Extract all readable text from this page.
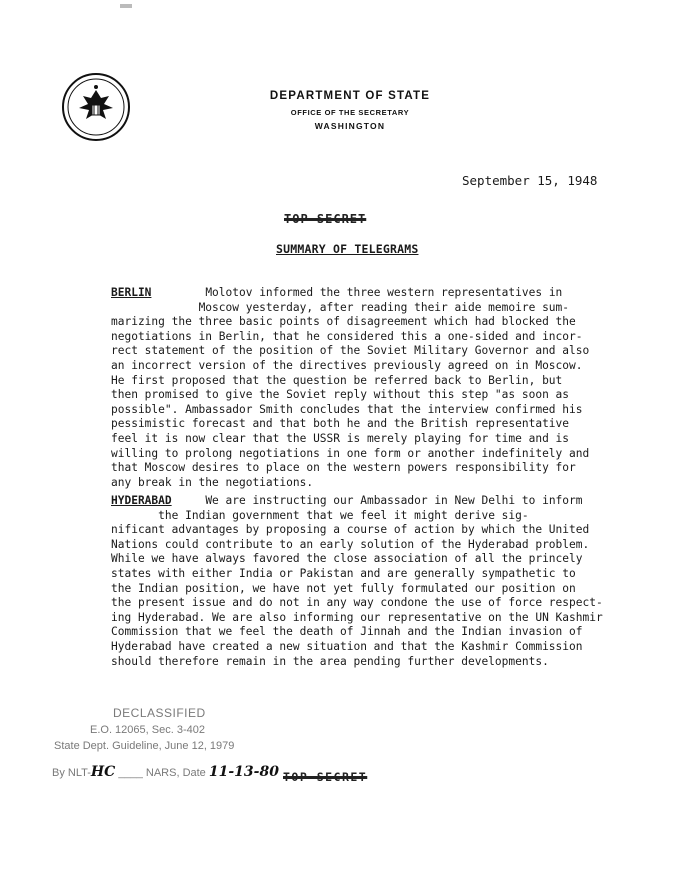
DEPARTMENT OF STATE
OFFICE OF THE SECRETARY
WASHINGTON
September 15, 1948
TOP SECRET
SUMMARY OF TELEGRAMS

BERLIN	Molotov informed the three western representatives in
Moscow yesterday, after reading their aide memoire sum-
marizing the three basic points of disagreement which had blocked the
negotiations in Berlin, that he considered this a one-sided and incor-
rect statement of the position of the Soviet Military Governor and also
an incorrect version of the directives previously agreed on in Moscow.
He first proposed that the question be referred back to Berlin, but
then promised to give the Soviet reply without this step "as soon as
possible". Ambassador Smith concludes that the interview confirmed his
pessimistic forecast and that both he and the British representative
feel it is now clear that the USSR is merely playing for time and is
willing to prolong negotiations in one form or another indefinitely and
that Moscow desires to place on the western powers responsibility for
any break in the negotiations.

HYDERABAD	We are instructing our Ambassador in New Delhi to inform
the Indian government that we feel it might derive sig-
nificant advantages by proposing a course of action by which the United
Nations could contribute to an early solution of the Hyderabad problem.
While we have always favored the close association of all the princely
states with either India or Pakistan and are generally sympathetic to
the Indian position, we have not yet fully formulated our position on
the present issue and do not in any way condone the use of force respect-
ing Hyderabad. We are also informing our representative on the UN Kashmir
Commission that we feel the death of Jinnah and the Indian invasion of
Hyderabad have created a new situation and that the Kashmir Commission
should therefore remain in the area pending further developments.

DECLASSIFIED
E.O. 12065, Sec. 3-402
State Dept. Guideline, June 12, 1979
By NLT-HC ____ NARS, Date 11-13-80 TOP SECRET
